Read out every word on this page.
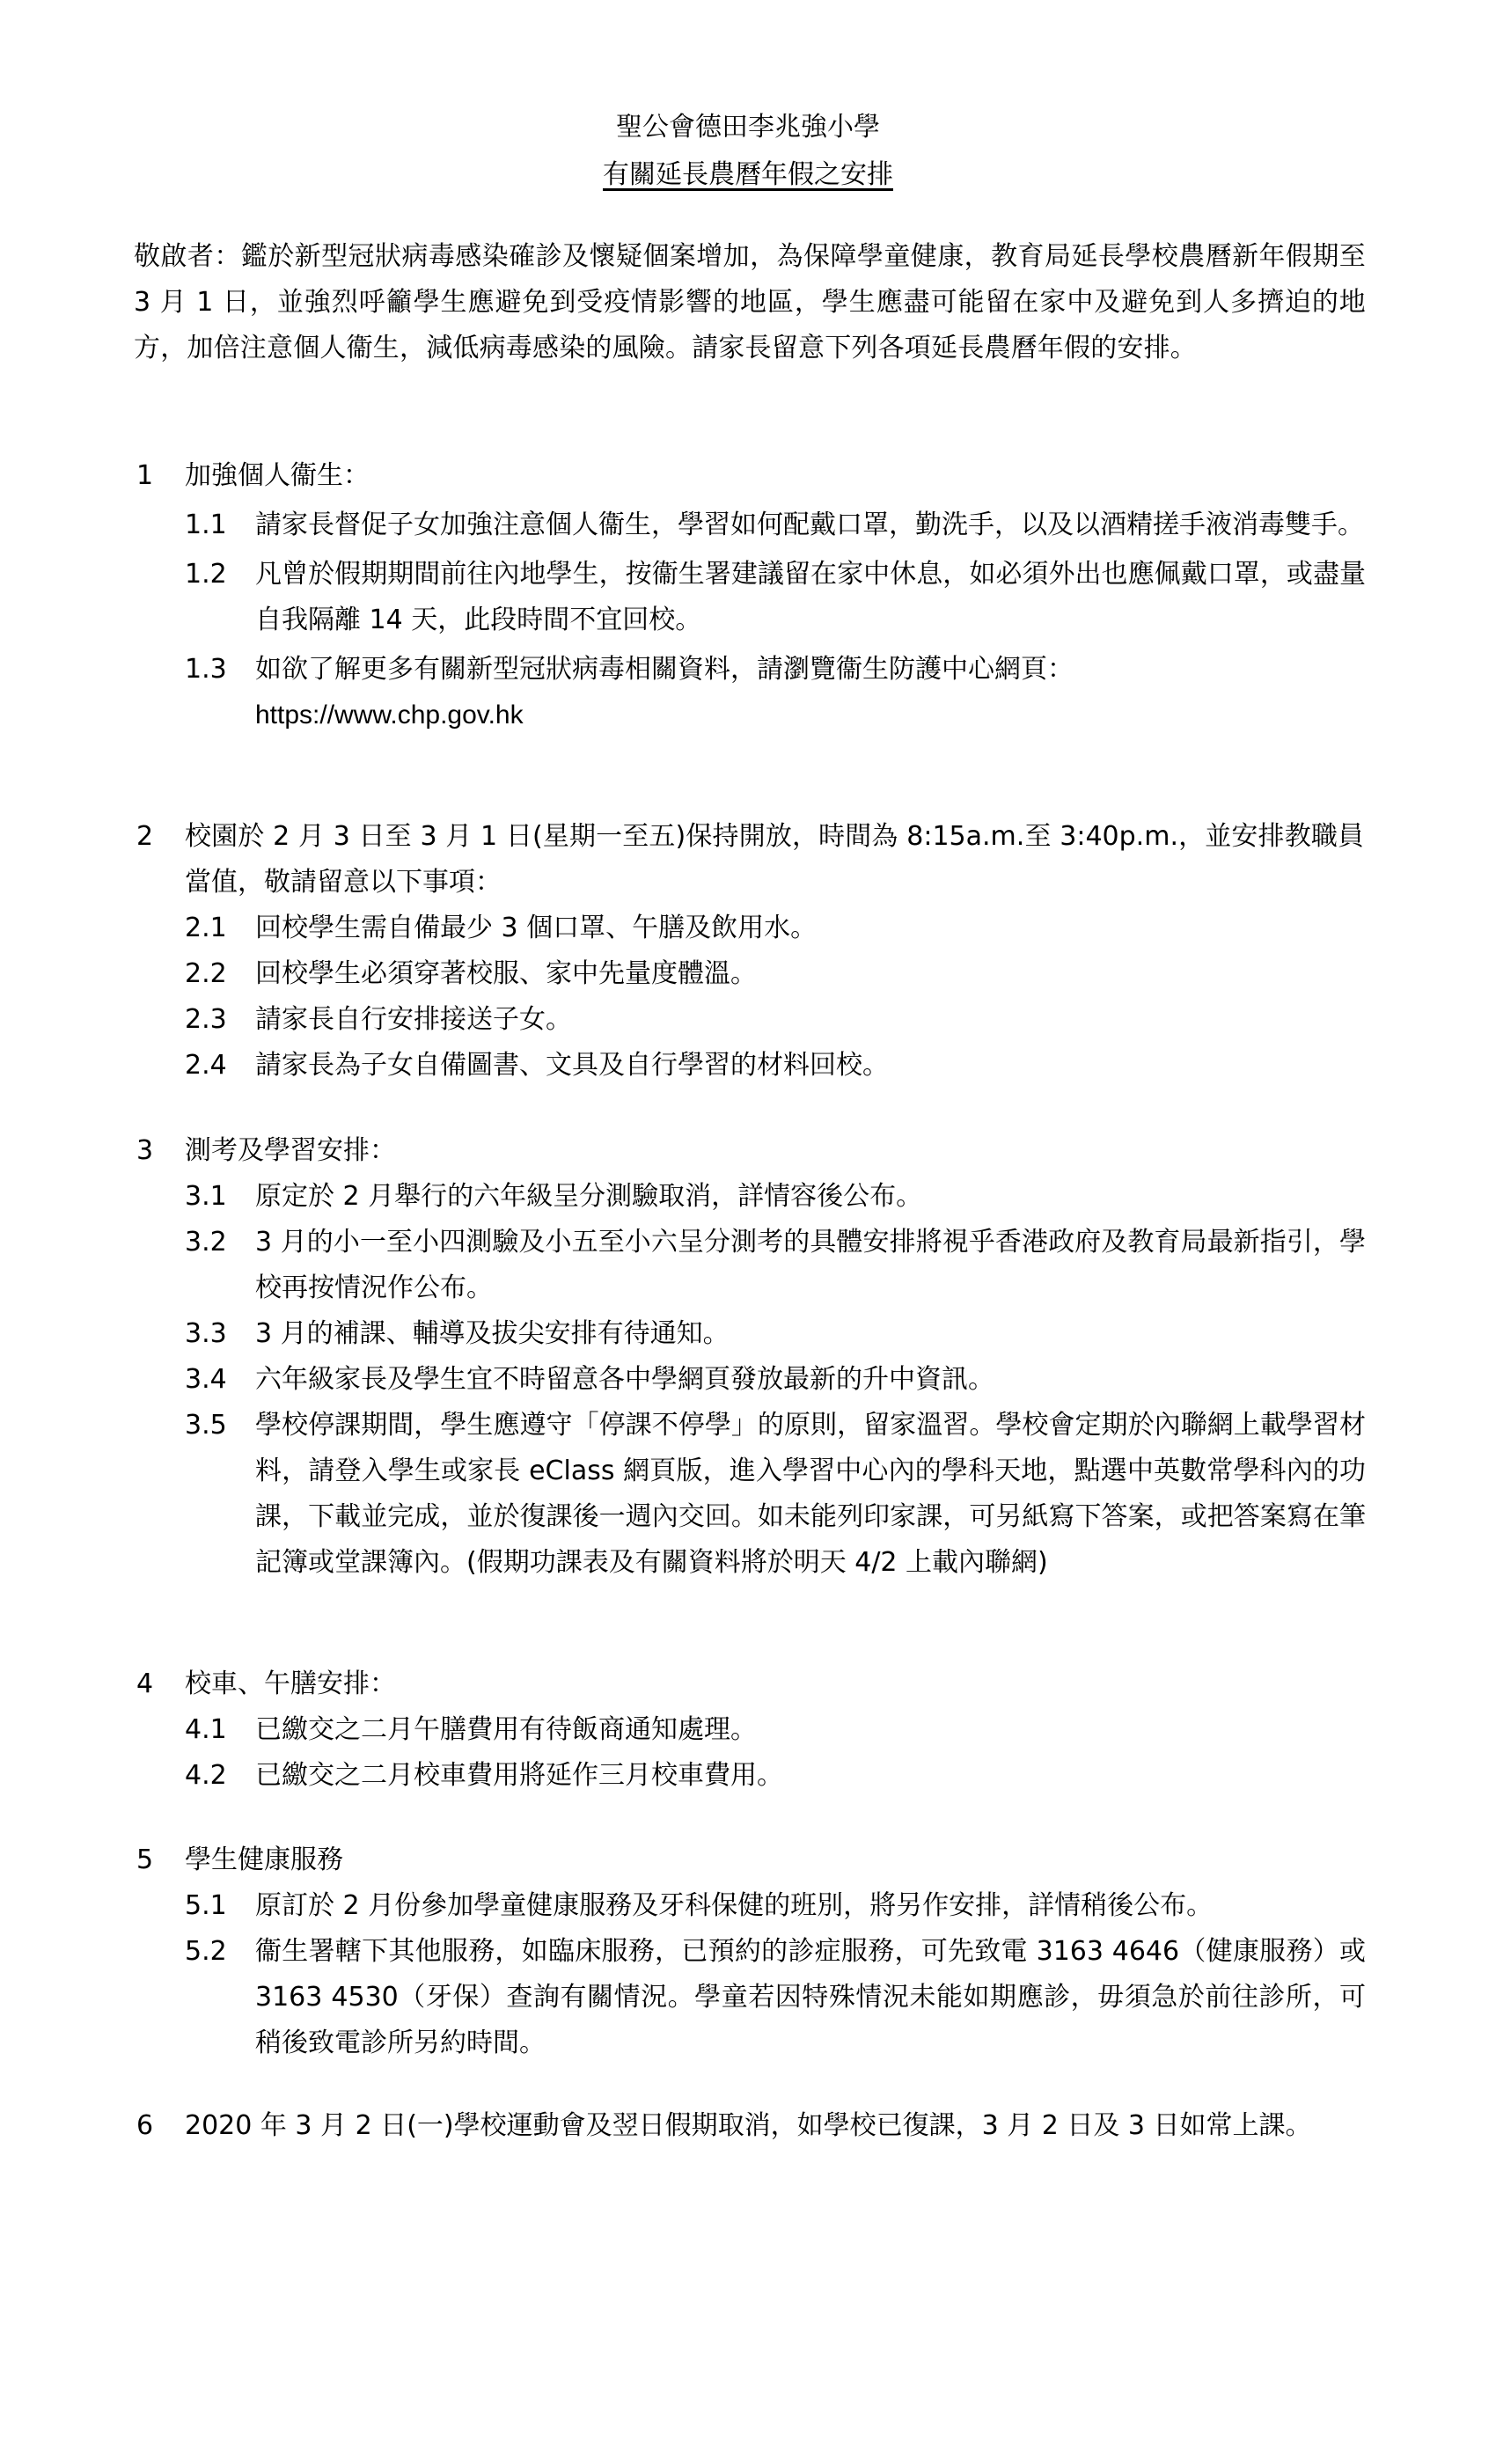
聖公會德田李兆強小學
有關延長農曆年假之安排
敬啟者：鑑於新型冠狀病毒感染確診及懷疑個案增加，為保障學童健康，教育局延長學校農曆新年假期至 3 月 1 日，並強烈呼籲學生應避免到受疫情影響的地區，學生應盡可能留在家中及避免到人多擠迫的地方，加倍注意個人衞生，減低病毒感染的風險。請家長留意下列各項延長農曆年假的安排。
1 加強個人衞生：
1.1 請家長督促子女加強注意個人衞生，學習如何配戴口罩，勤洗手，以及以酒精搓手液消毒雙手。
1.2 凡曾於假期期間前往內地學生，按衞生署建議留在家中休息，如必須外出也應佩戴口罩，或盡量自我隔離 14 天，此段時間不宜回校。
1.3 如欲了解更多有關新型冠狀病毒相關資料，請瀏覽衞生防護中心網頁：
https://www.chp.gov.hk
2 校園於 2 月 3 日至 3 月 1 日(星期一至五)保持開放，時間為 8:15a.m.至 3:40p.m.，並安排教職員當值，敬請留意以下事項：
2.1 回校學生需自備最少 3 個口罩、午膳及飲用水。
2.2 回校學生必須穿著校服、家中先量度體溫。
2.3 請家長自行安排接送子女。
2.4 請家長為子女自備圖書、文具及自行學習的材料回校。
3 測考及學習安排：
3.1 原定於 2 月舉行的六年級呈分測驗取消，詳情容後公布。
3.2 3 月的小一至小四測驗及小五至小六呈分測考的具體安排將視乎香港政府及教育局最新指引，學校再按情況作公布。
3.3 3 月的補課、輔導及拔尖安排有待通知。
3.4 六年級家長及學生宜不時留意各中學網頁發放最新的升中資訊。
3.5 學校停課期間，學生應遵守「停課不停學」的原則，留家溫習。學校會定期於內聯網上載學習材料，請登入學生或家長 eClass 網頁版，進入學習中心內的學科天地，點選中英數常學科內的功課，下載並完成，並於復課後一週內交回。如未能列印家課，可另紙寫下答案，或把答案寫在筆記簿或堂課簿內。(假期功課表及有關資料將於明天 4/2 上載內聯網)
4 校車、午膳安排：
4.1 已繳交之二月午膳費用有待飯商通知處理。
4.2 已繳交之二月校車費用將延作三月校車費用。
5 學生健康服務
5.1 原訂於 2 月份參加學童健康服務及牙科保健的班別，將另作安排，詳情稍後公布。
5.2 衞生署轄下其他服務，如臨床服務，已預約的診症服務，可先致電 3163 4646（健康服務）或 3163 4530（牙保）查詢有關情況。學童若因特殊情況未能如期應診，毋須急於前往診所，可稍後致電診所另約時間。
6 2020 年 3 月 2 日(一)學校運動會及翌日假期取消，如學校已復課，3 月 2 日及 3 日如常上課。
